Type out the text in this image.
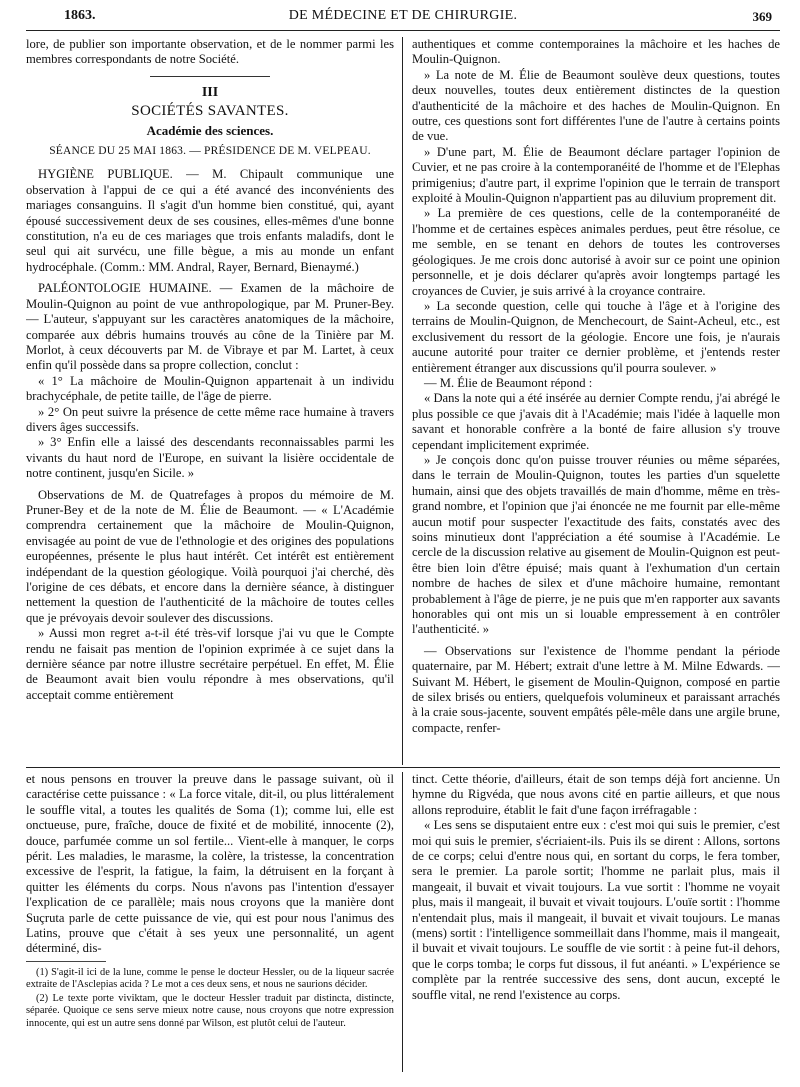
1863.	DE MÉDECINE ET DE CHIRURGIE.	369

lore, de publier son importante observation, et de le nommer parmi les membres correspondants de notre Société.

III
SOCIÉTÉS SAVANTES.
Académie des sciences.
SÉANCE DU 25 MAI 1863. — PRÉSIDENCE DE M. VELPEAU.

HYGIÈNE PUBLIQUE. — M. Chipault communique une observation à l'appui de ce qui a été avancé des inconvénients des mariages consanguins. Il s'agit d'un homme bien constitué, qui, ayant épousé successivement deux de ses cousines, elles-mêmes d'une bonne constitution, n'a eu de ces mariages que trois enfants maladifs, dont le seul qui ait survécu, une fille bègue, a mis au monde un enfant hydrocéphale. (Comm.: MM. Andral, Rayer, Bernard, Bienaymé.)

PALÉONTOLOGIE HUMAINE. — Examen de la mâchoire de Moulin-Quignon au point de vue anthropologique, par M. Pruner-Bey. — L'auteur, s'appuyant sur les caractères anatomiques de la mâchoire, comparée aux débris humains trouvés au cône de la Tinière par M. Morlot, à ceux découverts par M. de Vibraye et par M. Lartet, à ceux enfin qu'il possède dans sa propre collection, conclut :

« 1° La mâchoire de Moulin-Quignon appartenait à un individu brachycéphale, de petite taille, de l'âge de pierre.

» 2° On peut suivre la présence de cette même race humaine à travers divers âges successifs.

» 3° Enfin elle a laissé des descendants reconnaissables parmi les vivants du haut nord de l'Europe, en suivant la lisière occidentale de notre continent, jusqu'en Sicile. »

Observations de M. de Quatrefages à propos du mémoire de M. Pruner-Bey et de la note de M. Élie de Beaumont. — « L'Académie comprendra certainement que la mâchoire de Moulin-Quignon, envisagée au point de vue de l'ethnologie et des origines des populations européennes, présente le plus haut intérêt. Cet intérêt est entièrement indépendant de la question géologique. Voilà pourquoi j'ai cherché, dès l'origine de ces débats, et encore dans la dernière séance, à distinguer nettement la question de l'authenticité de la mâchoire de toutes celles que je prévoyais devoir soulever des discussions.

» Aussi mon regret a-t-il été très-vif lorsque j'ai vu que le Compte rendu ne faisait pas mention de l'opinion exprimée à ce sujet dans la dernière séance par notre illustre secrétaire perpétuel. En effet, M. Élie de Beaumont avait bien voulu répondre à mes observations, qu'il acceptait comme entièrement

authentiques et comme contemporaines la mâchoire et les haches de Moulin-Quignon.

» La note de M. Élie de Beaumont soulève deux questions, toutes deux nouvelles, toutes deux entièrement distinctes de la question d'authenticité de la mâchoire et des haches de Moulin-Quignon. En outre, ces questions sont fort différentes l'une de l'autre à certains points de vue.

» D'une part, M. Élie de Beaumont déclare partager l'opinion de Cuvier, et ne pas croire à la contemporanéité de l'homme et de l'Elephas primigenius; d'autre part, il exprime l'opinion que le terrain de transport exploité à Moulin-Quignon n'appartient pas au diluvium proprement dit.

» La première de ces questions, celle de la contemporanéité de l'homme et de certaines espèces animales perdues, peut être résolue, ce me semble, en se tenant en dehors de toutes les controverses géologiques. Je me crois donc autorisé à avoir sur ce point une opinion personnelle, et je dois déclarer qu'après avoir longtemps partagé les croyances de Cuvier, je suis arrivé à la croyance contraire.

» La seconde question, celle qui touche à l'âge et à l'origine des terrains de Moulin-Quignon, de Menchecourt, de Saint-Acheul, etc., est exclusivement du ressort de la géologie. Encore une fois, je n'aurais aucune autorité pour traiter ce dernier problème, et j'entends rester entièrement étranger aux discussions qu'il pourra soulever. »

— M. Élie de Beaumont répond :

« Dans la note qui a été insérée au dernier Compte rendu, j'ai abrégé le plus possible ce que j'avais dit à l'Académie; mais l'idée à laquelle mon savant et honorable confrère a la bonté de faire allusion s'y trouve cependant implicitement exprimée.

» Je conçois donc qu'on puisse trouver réunies ou même séparées, dans le terrain de Moulin-Quignon, toutes les parties d'un squelette humain, ainsi que des objets travaillés de main d'homme, même en très-grand nombre, et l'opinion que j'ai énoncée ne me fournit par elle-même aucun motif pour suspecter l'exactitude des faits, constatés avec des soins minutieux dont l'appréciation a été soumise à l'Académie. Le cercle de la discussion relative au gisement de Moulin-Quignon est peut-être bien loin d'être épuisé; mais quant à l'exhumation d'un certain nombre de haches de silex et d'une mâchoire humaine, remontant probablement à l'âge de pierre, je ne puis que m'en rapporter aux savants honorables qui ont mis un si louable empressement à en contrôler l'authenticité. »

— Observations sur l'existence de l'homme pendant la période quaternaire, par M. Hébert; extrait d'une lettre à M. Milne Edwards. — Suivant M. Hébert, le gisement de Moulin-Quignon, composé en partie de silex brisés ou entiers, quelquefois volumineux et paraissant arrachés à la craie sous-jacente, souvent empâtés pêle-mêle dans une argile brune, compacte, renfer-

et nous pensons en trouver la preuve dans le passage suivant, où il caractérise cette puissance : « La force vitale, dit-il, ou plus littéralement le souffle vital, a toutes les qualités de Soma (1); comme lui, elle est onctueuse, pure, fraîche, douce de fixité et de mobilité, innocente (2), douce, parfumée comme un sol fertile... Vient-elle à manquer, le corps périt. Les maladies, le marasme, la colère, la tristesse, la concentration excessive de l'esprit, la fatigue, la faim, la détruisent en la forçant à quitter les éléments du corps. Nous n'avons pas l'intention d'essayer l'explication de ce parallèle; mais nous croyons que la manière dont Suçruta parle de cette puissance de vie, qui est pour nous l'animus des Latins, prouve que c'était à ses yeux une personnalité, un agent déterminé, dis-

(1) S'agit-il ici de la lune, comme le pense le docteur Hessler, ou de la liqueur sacrée extraite de l'Asclepias acida ? Le mot a ces deux sens, et nous ne saurions décider.

(2) Le texte porte viviktam, que le docteur Hessler traduit par distincta, distincte, séparée. Quoique ce sens serve mieux notre cause, nous croyons que notre expression innocente, qui est un autre sens donné par Wilson, est plutôt celui de l'auteur.

tinct. Cette théorie, d'ailleurs, était de son temps déjà fort ancienne. Un hymne du Rigvéda, que nous avons cité en partie ailleurs, et que nous allons reproduire, établit le fait d'une façon irréfragable :

« Les sens se disputaient entre eux : c'est moi qui suis le premier, c'est moi qui suis le premier, s'écriaient-ils. Puis ils se dirent : Allons, sortons de ce corps; celui d'entre nous qui, en sortant du corps, le fera tomber, sera le premier. La parole sortit; l'homme ne parlait plus, mais il mangeait, il buvait et vivait toujours. La vue sortit : l'homme ne voyait plus, mais il mangeait, il buvait et vivait toujours. L'ouïe sortit : l'homme n'entendait plus, mais il mangeait, il buvait et vivait toujours. Le manas (mens) sortit : l'intelligence sommeillait dans l'homme, mais il mangeait, il buvait et vivait toujours. Le souffle de vie sortit : à peine fut-il dehors, que le corps tomba; le corps fut dissous, il fut anéanti. » L'expérience se complète par la rentrée successive des sens, dont aucun, excepté le souffle vital, ne rend l'existence au corps.
